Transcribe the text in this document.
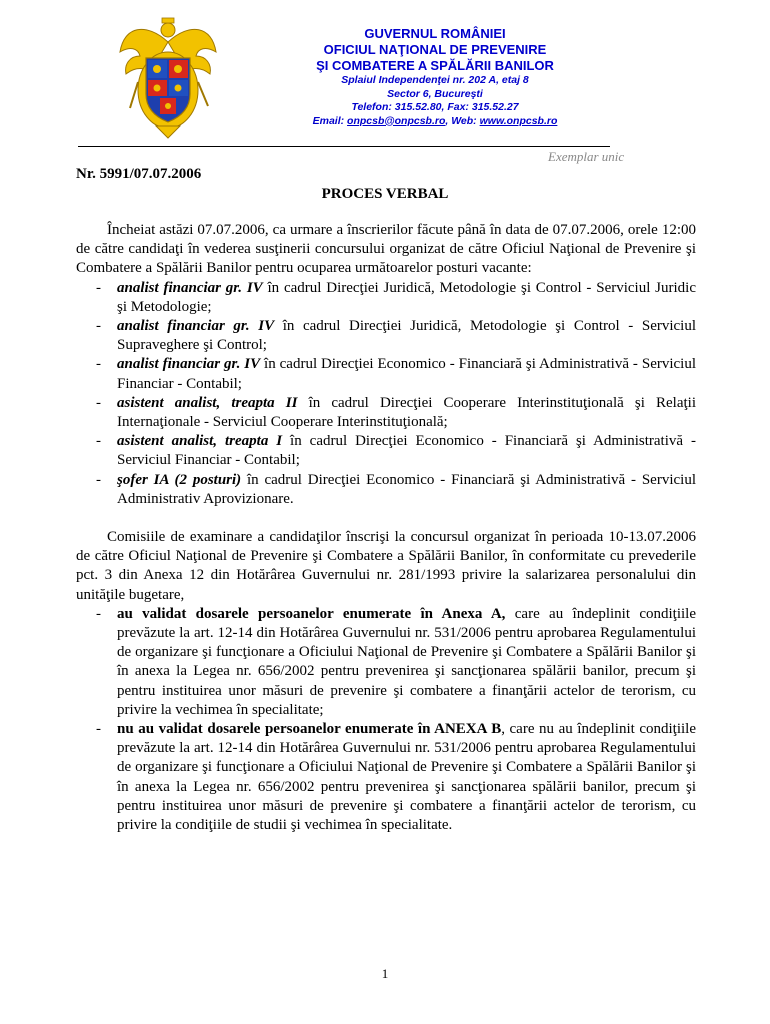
GUVERNUL ROMÂNIEI
OFICIUL NAŢIONAL DE PREVENIRE
ŞI COMBATERE A SPĂLĂRII BANILOR
Splaiul Independenţei nr. 202 A, etaj 8
Sector 6, Bucureşti
Telefon: 315.52.80, Fax: 315.52.27
Email: onpcsb@onpcsb.ro, Web: www.onpcsb.ro
Exemplar unic
Nr. 5991/07.07.2006
PROCES VERBAL

Încheiat astăzi 07.07.2006, ca urmare a înscrierilor făcute până în data de 07.07.2006, orele 12:00 de către candidaţi în vederea susţinerii concursului organizat de către Oficiul Naţional de Prevenire şi Combatere a Spălării Banilor pentru ocuparea următoarelor posturi vacante:

- analist financiar gr. IV în cadrul Direcţiei Juridică, Metodologie şi Control - Serviciul Juridic şi Metodologie;
- analist financiar gr. IV în cadrul Direcţiei Juridică, Metodologie şi Control - Serviciul Supraveghere şi Control;
- analist financiar gr. IV în cadrul Direcţiei Economico - Financiară şi Administrativă - Serviciul Financiar - Contabil;
- asistent analist, treapta II în cadrul Direcţiei Cooperare Interinstituţională şi Relaţii Internaţionale - Serviciul Cooperare Interinstituţională;
- asistent analist, treapta I în cadrul Direcţiei Economico - Financiară şi Administrativă - Serviciul Financiar - Contabil;
- şofer IA (2 posturi) în cadrul Direcţiei Economico - Financiară şi Administrativă - Serviciul Administrativ Aprovizionare.

Comisiile de examinare a candidaţilor înscrişi la concursul organizat în perioada 10-13.07.2006 de către Oficiul Naţional de Prevenire şi Combatere a Spălării Banilor, în conformitate cu prevederile pct. 3 din Anexa 12 din Hotărârea Guvernului nr. 281/1993 privire la salarizarea personalului din unităţile bugetare,

- au validat dosarele persoanelor enumerate în Anexa A, care au îndeplinit condiţiile prevăzute la art. 12-14 din Hotărârea Guvernului nr. 531/2006 pentru aprobarea Regulamentului de organizare şi funcţionare a Oficiului Naţional de Prevenire şi Combatere a Spălării Banilor şi în anexa la Legea nr. 656/2002 pentru prevenirea şi sancţionarea spălării banilor, precum şi pentru instituirea unor măsuri de prevenire şi combatere a finanţării actelor de terorism, cu privire la vechimea în specialitate;
- nu au validat dosarele persoanelor enumerate în ANEXA B, care nu au îndeplinit condiţiile prevăzute la art. 12-14 din Hotărârea Guvernului nr. 531/2006 pentru aprobarea Regulamentului de organizare şi funcţionare a Oficiului Naţional de Prevenire şi Combatere a Spălării Banilor şi în anexa la Legea nr. 656/2002 pentru prevenirea şi sancţionarea spălării banilor, precum şi pentru instituirea unor măsuri de prevenire şi combatere a finanţării actelor de terorism, cu privire la condiţiile de studii şi vechimea în specialitate.
1
